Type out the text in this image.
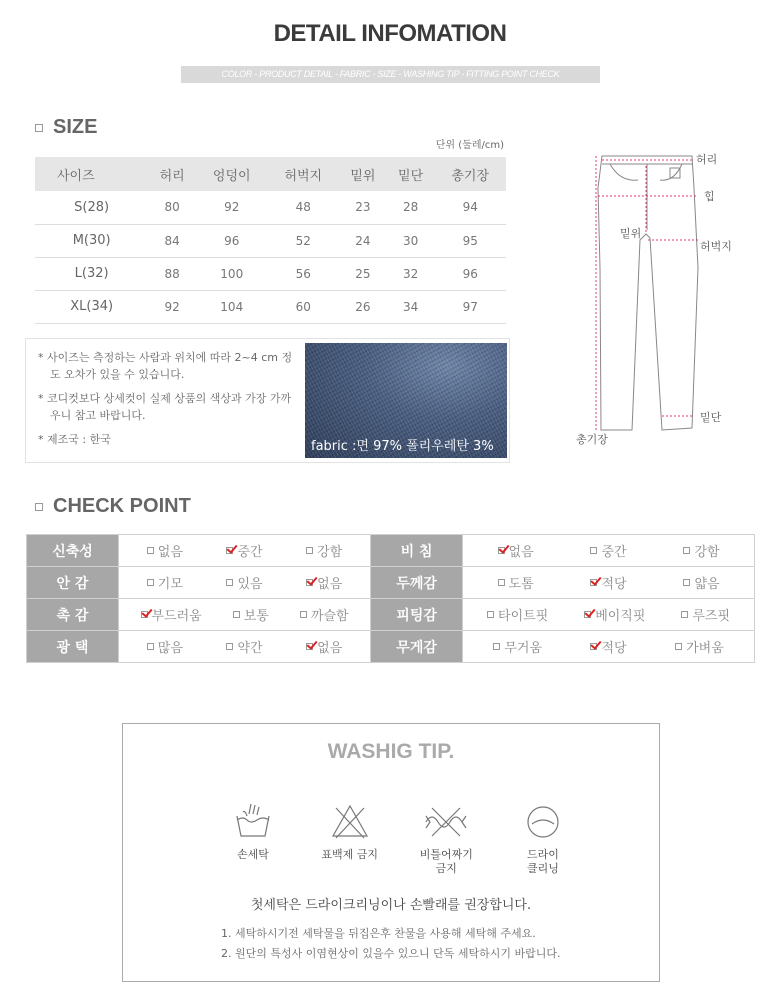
DETAIL INFOMATION
COLOR - PRODUCT DETAIL - FABRIC - SIZE - WASHING TIP - FITTING POINT CHECK
SIZE
단위 (둘레/cm)
사이즈	허리	엉덩이	허벅지	밑위	밑단	총기장
S(28)	80	92	48	23	28	94
M(30)	84	96	52	24	30	95
L(32)	88	100	56	25	32	96
XL(34)	92	104	60	26	34	97

* 사이즈는 측정하는 사람과 위치에 따라 2~4 cm 정도 오차가 있을 수 있습니다.

* 코디컷보다 상세컷이 실제 상품의 색상과 가장 가까우니 참고 바랍니다.

* 제조국 : 한국	fabric :면 97% 폴리우레탄 3%
허리
힙
밑위
허벅지
밑단
총기장
CHECK POINT
신축성	없음 중간 강함	비 침	없음 중간 강함

안 감	기모 있음 없음	두께감	도톰 적당 얇음

촉 감	부드러움 보통 까슬함	피팅감	타이트핏 베이직핏 루즈핏

광 택	많음 약간 없음	무게감	무거움 적당 가벼움
WASHIG TIP.
손세탁	표백제 금지	비틀어짜기
금지
드라이
클리닝
첫세탁은 드라이크리닝이나 손빨래를 권장합니다.
1. 세탁하시기전 세탁물을 뒤집은후 찬물을 사용해 세탁해 주세요.
2. 원단의 특성사 이염현상이 있을수 있으니 단독 세탁하시기 바랍니다.
